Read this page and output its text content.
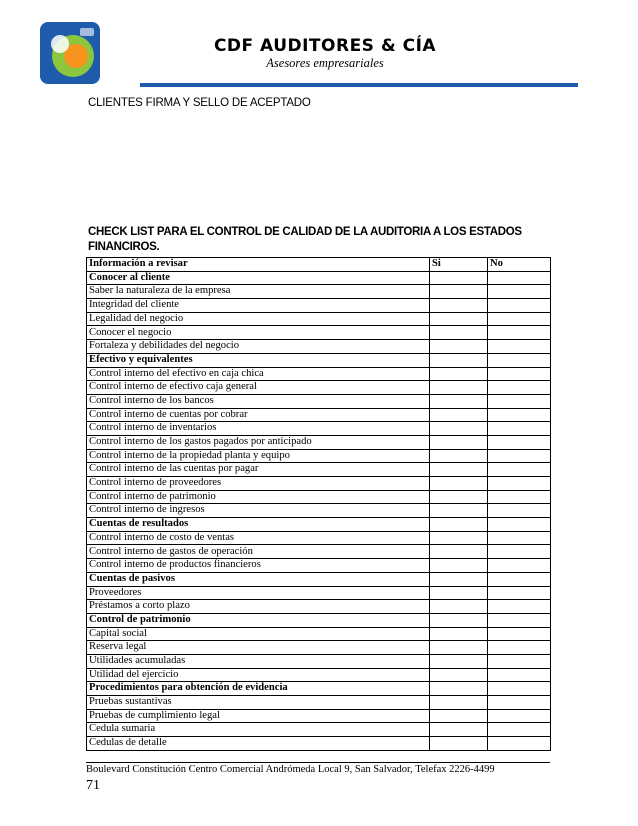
CDF AUDITORES & CÍA
Asesores empresariales
CLIENTES FIRMA Y SELLO DE ACEPTADO
CHECK LIST PARA EL CONTROL DE CALIDAD DE LA AUDITORIA A LOS ESTADOS FINANCIROS.
Información a revisar	Si	No
Conocer al cliente		
Saber la naturaleza de la empresa		
Integridad del cliente		
Legalidad del negocio		
Conocer el negocio		
Fortaleza y debilidades del negocio		
Efectivo y equivalentes		
Control interno del efectivo en caja chica		
Control interno de efectivo caja general		
Control interno de los bancos		
Control interno de cuentas por cobrar		
Control interno de inventarios		
Control interno de los gastos pagados por anticipado		
Control interno de la propiedad planta y equipo		
Control interno de las cuentas por pagar		
Control interno de proveedores		
Control interno de patrimonio		
Control interno de ingresos		
Cuentas de resultados		
Control interno de costo de ventas		
Control interno de gastos de operación		
Control interno de productos financieros		
Cuentas de pasivos		
Proveedores		
Préstamos a corto plazo		
Control de patrimonio		
Capital social		
Reserva legal		
Utilidades acumuladas		
Utilidad del ejercicio		
Procedimientos para obtención de evidencia		
Pruebas sustantivas		
Pruebas de cumplimiento legal		
Cedula sumaria		
Cedulas de detalle		
Boulevard Constitución Centro Comercial Andrómeda Local 9, San Salvador, Telefax 2226-4499
71
